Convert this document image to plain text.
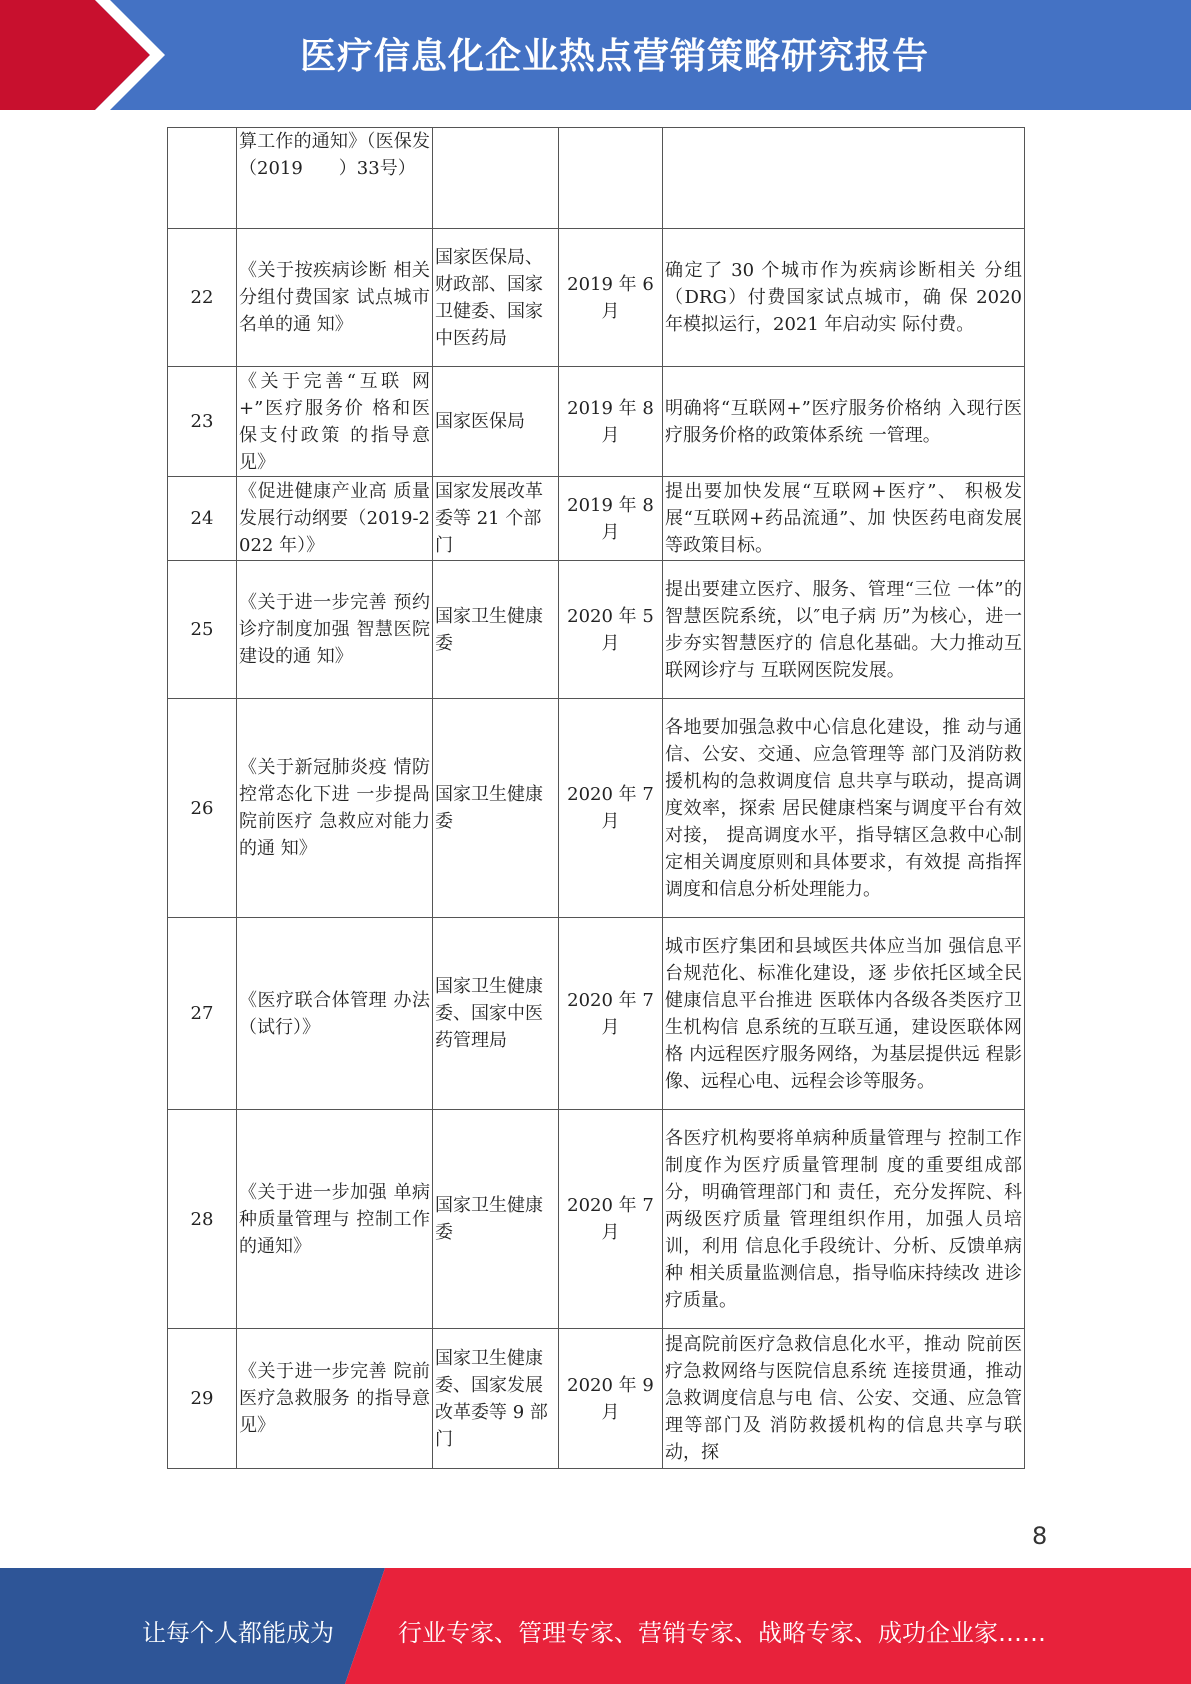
医疗信息化企业热点营销策略研究报告
	算工作的通知》（医保发（2019　　）33号）			
22	《关于按疾病诊断 相关分组付费国家 试点城市名单的通 知》	国家医保局、财政部、国家卫健委、国家中医药局	2019 年 6 月	确定了 30 个城市作为疾病诊断相关 分组（DRG）付费国家试点城市，确 保 2020 年模拟运行，2021 年启动实 际付费。
23	《关于完善“互联 网+”医疗服务价 格和医保支付政策 的指导意见》	国家医保局	2019 年 8 月	明确将“互联网+”医疗服务价格纳 入现行医疗服务价格的政策体系统 一管理。
24	《促进健康产业高 质量发展行动纲要（2019-2022 年）》	国家发展改革委等 21 个部门	2019 年 8 月	提出要加快发展“互联网+医疗”、 积极发展“互联网+药品流通”、加 快医药电商发展等政策目标。
25	《关于进一步完善 预约诊疗制度加强 智慧医院建设的通 知》	国家卫生健康委	2020 年 5 月	提出要建立医疗、服务、管理“三位 一体”的智慧医院系统，以″电子病 历”为核心，进一步夯实智慧医疗的 信息化基础。大力推动互联网诊疗与 互联网医院发展。
26	《关于新冠肺炎疫 情防控常态化下进 一步提咼院前医疗 急救应对能力的通 知》	国家卫生健康委	2020 年 7 月	各地要加强急救中心信息化建设，推 动与通信、公安、交通、应急管理等 部门及消防救援机构的急救调度信 息共享与联动，提高调度效率，探索 居民健康档案与调度平台有效对接， 提高调度水平，指导辖区急救中心制 定相关调度原则和具体要求，有效提 高指挥调度和信息分析处理能力。
27	《医疗联合体管理 办法（试行）》	国家卫生健康委、国家中医药管理局	2020 年 7 月	城市医疗集团和县域医共体应当加 强信息平台规范化、标准化建设，逐 步依托区域全民健康信息平台推进 医联体内各级各类医疗卫生机构信 息系统的互联互通，建设医联体网格 内远程医疗服务网络，为基层提供远 程影像、远程心电、远程会诊等服务。
28	《关于进一步加强 单病种质量管理与 控制工作的通知》	国家卫生健康委	2020 年 7 月	各医疗机构要将单病种质量管理与 控制工作制度作为医疗质量管理制 度的重要组成部分，明确管理部门和 责任，充分发挥院、科两级医疗质量 管理组织作用，加强人员培训，利用 信息化手段统计、分析、反馈单病种 相关质量监测信息，指导临床持续改 进诊疗质量。
29	《关于进一步完善 院前医疗急救服务 的指导意见》	国家卫生健康委、国家发展改革委等 9 部门	2020 年 9 月	提高院前医疗急救信息化水平，推动 院前医疗急救网络与医院信息系统 连接贯通，推动急救调度信息与电 信、公安、交通、应急管理等部门及 消防救援机构的信息共享与联动，探
8
让每个人都能成为	行业专家、管理专家、营销专家、战略专家、成功企业家……
